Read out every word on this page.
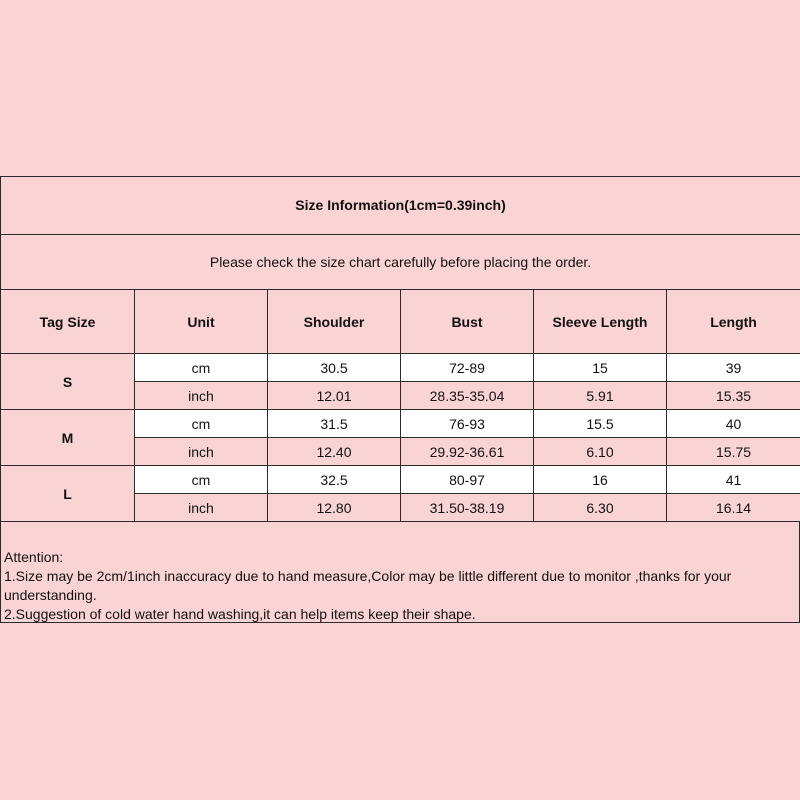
Size Information(1cm=0.39inch)					
Please check the size chart carefully before placing the order.					
Tag Size	Unit	Shoulder	Bust	Sleeve Length	Length
S	cm	30.5	72-89	15	39
	inch	12.01	28.35-35.04	5.91	15.35
M	cm	31.5	76-93	15.5	40
	inch	12.40	29.92-36.61	6.10	15.75
L	cm	32.5	80-97	16	41
	inch	12.80	31.50-38.19	6.30	16.14
Attention:
1.Size may be 2cm/1inch inaccuracy due to hand measure,Color may be little different due to monitor ,thanks for your understanding.
2.Suggestion of cold water hand washing,it can help items keep their shape.
